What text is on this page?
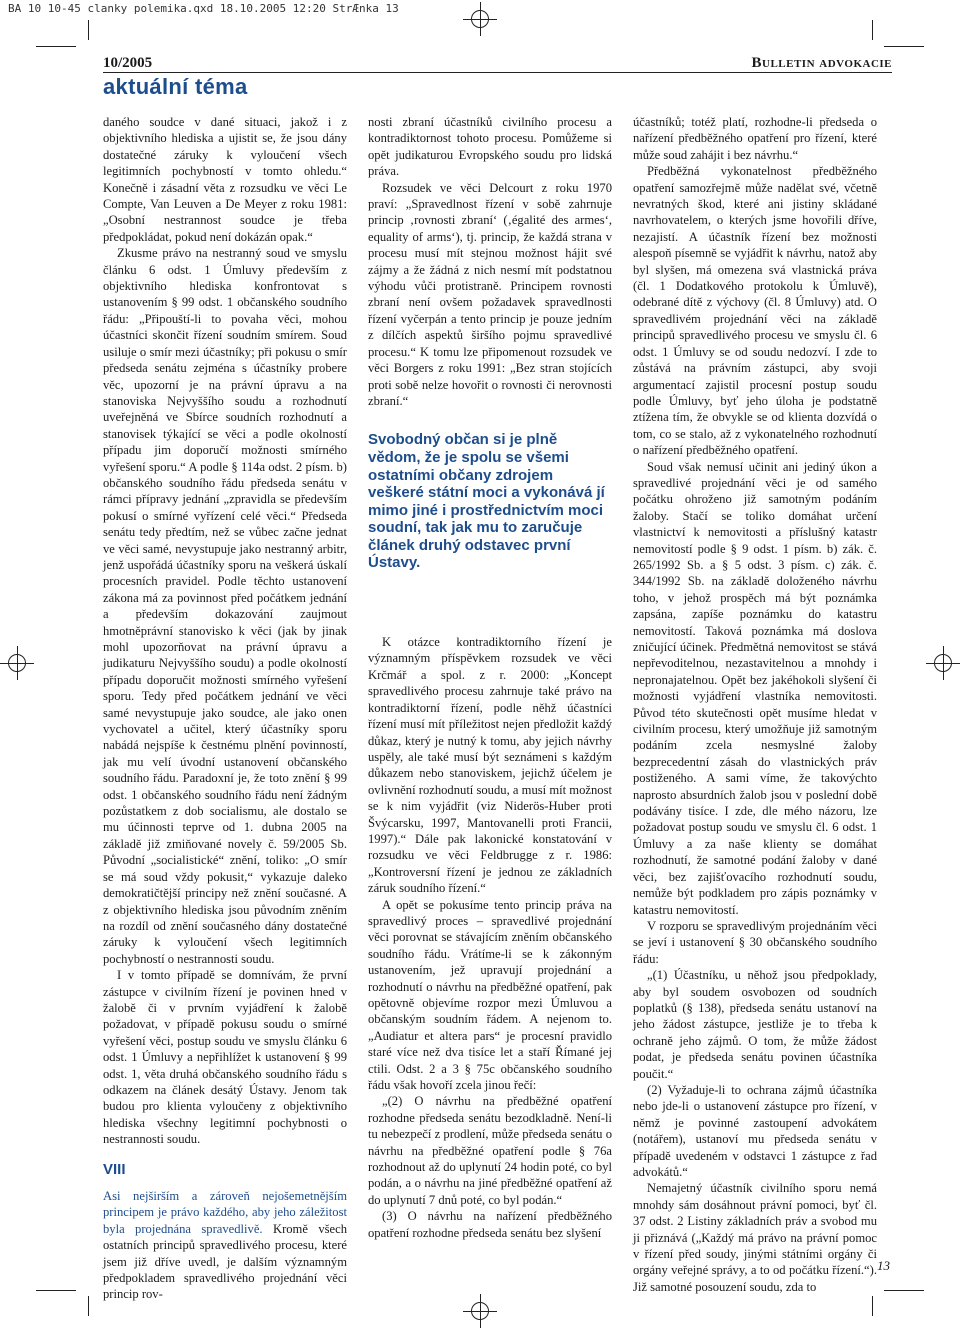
BA 10 10-45 clanky polemika.qxd 18.10.2005 12:20 StrÆnka 13
10/2005	Bulletin advokacie
aktuální téma

daného soudce v dané situaci, jakož i z objektivního hlediska a ujistit se, že jsou dány dostatečné záruky k vyloučení všech legitimních pochybností v tomto ohledu.“ Konečně i zásadní věta z rozsudku ve věci Le Compte, Van Leuven a De Meyer z roku 1981: „Osobní nestrannost soudce je třeba předpokládat, pokud není dokázán opak.“

Zkusme právo na nestranný soud ve smyslu článku 6 odst. 1 Úmluvy především z objektivního hlediska konfrontovat s ustanovením § 99 odst. 1 občanského soudního řádu: „Připouští-li to povaha věci, mohou účastníci skončit řízení soudním smírem. Soud usiluje o smír mezi účastníky; při pokusu o smír předseda senátu zejména s účastníky probere věc, upozorní je na právní úpravu a na stanoviska Nejvyššího soudu a rozhodnutí uveřejněná ve Sbírce soudních rozhodnutí a stanovisek týkající se věci a podle okolností případu jim doporučí možnosti smírného vyřešení sporu.“ A podle § 114a odst. 2 písm. b) občanského soudního řádu předseda senátu v rámci přípravy jednání „zpravidla se především pokusí o smírné vyřízení celé věci.“ Předseda senátu tedy předtím, než se vůbec začne jednat ve věci samé, nevystupuje jako nestranný arbitr, jenž uspořádá účastníky sporu na veškerá úskalí procesních pravidel. Podle těchto ustanovení zákona má za povinnost před počátkem jednání a především dokazování zaujmout hmotněprávní stanovisko k věci (jak by jinak mohl upozorňovat na právní úpravu a judikaturu Nejvyššího soudu) a podle okolností případu doporučit možnosti smírného vyřešení sporu. Tedy před počátkem jednání ve věci samé nevystupuje jako soudce, ale jako onen vychovatel a učitel, který účastníky sporu nabádá nejspíše k čestnému plnění povinností, jak mu velí úvodní ustanovení občanského soudního řádu. Paradoxní je, že toto znění § 99 odst. 1 občanského soudního řádu není žádným pozůstatkem z dob socialismu, ale dostalo se mu účinnosti teprve od 1. dubna 2005 na základě již zmiňované novely č. 59/2005 Sb. Původní „socialistické“ znění, toliko: „O smír se má soud vždy pokusit,“ vykazuje daleko demokratičtější principy než znění současné. A z objektivního hlediska jsou původním zněním na rozdíl od znění současného dány dostatečné záruky k vyloučení všech legitimních pochybností o nestrannosti soudu.

I v tomto případě se domnívám, že první zástupce v civilním řízení je povinen hned v žalobě či v prvním vyjádření k žalobě požadovat, v případě pokusu soudu o smírné vyřešení věci, postup soudu ve smyslu článku 6 odst. 1 Úmluvy a nepřihlížet k ustanovení § 99 odst. 1, věta druhá občanského soudního řádu s odkazem na článek desátý Ústavy. Jenom tak budou pro klienta vyloučeny z objektivního hlediska všechny legitimní pochybnosti o nestrannosti soudu.

VIII

Asi nejširším a zároveň nejošemetnějším principem je právo každého, aby jeho záležitost byla projednána spravedlivě. Kromě všech ostatních principů spravedlivého procesu, které jsem již dříve uvedl, je dalším významným předpokladem spravedlivého projednání věci princip rov-

nosti zbraní účastníků civilního procesu a kontradiktornost tohoto procesu. Pomůžeme si opět judikaturou Evropského soudu pro lidská práva.

Rozsudek ve věci Delcourt z roku 1970 praví: „Spravedlnost řízení v sobě zahrnuje princip ‚rovnosti zbraní‘ (‚égalité des armes‘, equality of arms‘), tj. princip, že každá strana v procesu musí mít stejnou možnost hájit své zájmy a že žádná z nich nesmí mít podstatnou výhodu vůči protistraně. Principem rovnosti zbraní není ovšem požadavek spravedlnosti řízení vyčerpán a tento princip je pouze jedním z dílčích aspektů širšího pojmu spravedlivé procesu.“ K tomu lze připomenout rozsudek ve věci Borgers z roku 1991: „Bez stran stojících proti sobě nelze hovořit o rovnosti či nerovnosti zbraní.“

Svobodný občan si je plně vědom, že je spolu se všemi ostatními občany zdrojem veškeré státní moci a vykonává jí mimo jiné i prostřednictvím moci soudní, tak jak mu to zaručuje článek druhý odstavec první Ústavy.

K otázce kontradiktorního řízení je významným příspěvkem rozsudek ve věci Krčmář a spol. z r. 2000: „Koncept spravedlivého procesu zahrnuje také právo na kontradiktorní řízení, podle něhž účastníci řízení musí mít příležitost nejen předložit každý důkaz, který je nutný k tomu, aby jejich návrhy uspěly, ale také musí být seznámeni s každým důkazem nebo stanoviskem, jejichž účelem je ovlivnění rozhodnutí soudu, a musí mít možnost se k nim vyjádřit (viz Niderös-Huber proti Švýcarsku, 1997, Mantovanelli proti Francii, 1997).“ Dále pak lakonické konstatování v rozsudku ve věci Feldbrugge z r. 1986: „Kontroversní řízení je jednou ze základních záruk soudního řízení.“

A opět se pokusíme tento princip práva na spravedlivý proces – spravedlivé projednání věci porovnat se stávajícím zněním občanského soudního řádu. Vrátíme-li se k zákonným ustanovením, jež upravují projednání a rozhodnutí o návrhu na předběžné opatření, pak opětovně objevíme rozpor mezi Úmluvou a občanským soudním řádem. A nejenom to. „Audiatur et altera pars“ je procesní pravidlo staré více než dva tisíce let a staří Římané jej ctili. Odst. 2 a 3 § 75c občanského soudního řádu však hovoří zcela jinou řečí:

„(2) O návrhu na předběžné opatření rozhodne předseda senátu bezodkladně. Není-li tu nebezpečí z prodlení, může předseda senátu o návrhu na předběžné opatření podle § 76a rozhodnout až do uplynutí 24 hodin poté, co byl podán, a o návrhu na jiné předběžné opatření až do uplynutí 7 dnů poté, co byl podán.“

(3) O návrhu na nařízení předběžného opatření rozhodne předseda senátu bez slyšení

účastníků; totéž platí, rozhodne-li předseda o nařízení předběžného opatření pro řízení, které může soud zahájit i bez návrhu.“

Předběžná vykonatelnost předběžného opatření samozřejmě může nadělat své, včetně nevratných škod, které ani jistiny skládané navrhovatelem, o kterých jsme hovořili dříve, nezajistí. A účastník řízení bez možnosti alespoň písemně se vyjádřit k návrhu, natož aby byl slyšen, má omezena svá vlastnická práva (čl. 1 Dodatkového protokolu k Úmluvě), odebrané dítě z výchovy (čl. 8 Úmluvy) atd. O spravedlivém projednání věci na základě principů spravedlivého procesu ve smyslu čl. 6 odst. 1 Úmluvy se od soudu nedozví. I zde to zůstává na právním zástupci, aby svoji argumentací zajistil procesní postup soudu podle Úmluvy, byť jeho úloha je podstatně ztížena tím, že obvykle se od klienta dozvídá o tom, co se stalo, až z vykonatelného rozhodnutí o nařízení předběžného opatření.

Soud však nemusí učinit ani jediný úkon a spravedlivé projednání věci je od samého počátku ohroženo již samotným podáním žaloby. Stačí se toliko domáhat určení vlastnictví k nemovitosti a příslušný katastr nemovitostí podle § 9 odst. 1 písm. b) zák. č. 265/1992 Sb. a § 5 odst. 3 písm. c) zák. č. 344/1992 Sb. na základě doloženého návrhu toho, v jehož prospěch má být poznámka zapsána, zapíše poznámku do katastru nemovitostí. Taková poznámka má doslova zničující účinek. Předmětná nemovitost se stává nepřevoditelnou, nezastavitelnou a mnohdy i nepronajatelnou. Opět bez jakéhokoli slyšení či možnosti vyjádření vlastníka nemovitosti. Původ této skutečnosti opět musíme hledat v civilním procesu, který umožňuje již samotným podáním zcela nesmyslné žaloby bezprecedentní zásah do vlastnických práv postiženého. A sami víme, že takovýchto naprosto absurdních žalob jsou v poslední době podávány tisíce. I zde, dle mého názoru, lze požadovat postup soudu ve smyslu čl. 6 odst. 1 Úmluvy a za naše klienty se domáhat rozhodnutí, že samotné podání žaloby v dané věci, bez zajišťovacího rozhodnutí soudu, nemůže být podkladem pro zápis poznámky v katastru nemovitostí.

V rozporu se spravedlivým projednáním věci se jeví i ustanovení § 30 občanského soudního řádu:

„(1) Účastníku, u něhož jsou předpoklady, aby byl soudem osvobozen od soudních poplatků (§ 138), předseda senátu ustanoví na jeho žádost zástupce, jestliže je to třeba k ochraně jeho zájmů. O tom, že může žádost podat, je předseda senátu povinen účastníka poučit.“

(2) Vyžaduje-li to ochrana zájmů účastníka nebo jde-li o ustanovení zástupce pro řízení, v němž je povinné zastoupení advokátem (notářem), ustanoví mu předseda senátu v případě uvedeném v odstavci 1 zástupce z řad advokátů.“

Nemajetný účastník civilního sporu nemá mnohdy sám dosáhnout právní pomoci, byť čl. 37 odst. 2 Listiny základních práv a svobod mu ji přiznává („Každý má právo na právní pomoc v řízení před soudy, jinými státními orgány či orgány veřejné správy, a to od počátku řízení.“). Již samotné posouzení soudu, zda to

13
